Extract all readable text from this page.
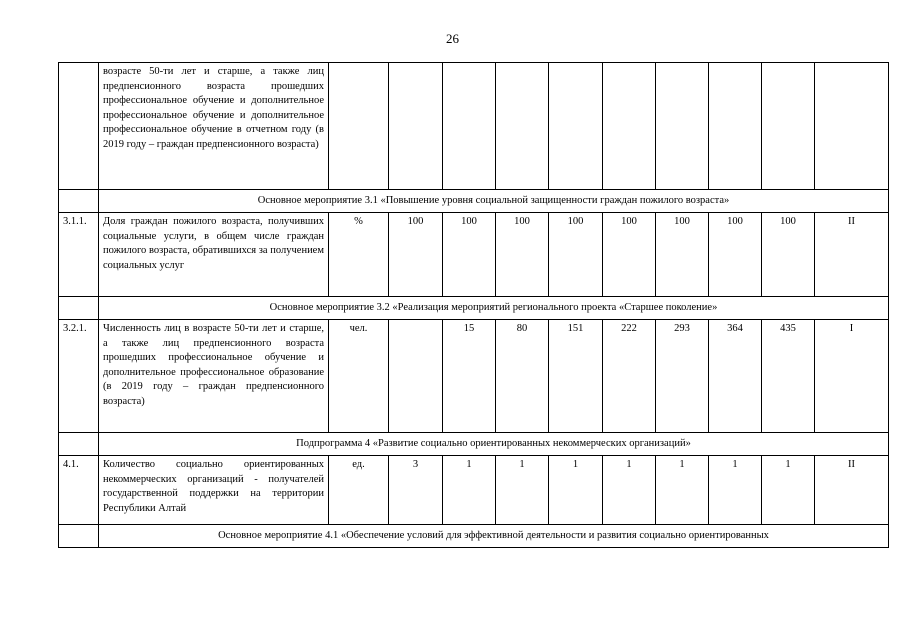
26
	возрасте 50-ти лет и старше, а также лиц предпенсионного возраста прошедших профессиональное обучение и дополнительное профессиональное обучение и дополнительное профессиональное обучение в отчетном году (в 2019 году – граждан предпенсионного возраста)										
	Основное мероприятие 3.1 «Повышение уровня социальной защищенности граждан пожилого возраста»										
3.1.1.	Доля граждан пожилого возраста, получивших социальные услуги, в общем числе граждан пожилого возраста, обратившихся за получением социальных услуг	%	100	100	100	100	100	100	100	100	II
	Основное мероприятие 3.2 «Реализация мероприятий регионального проекта «Старшее поколение»										
3.2.1.	Численность лиц в возрасте 50-ти лет и старше, а также лиц предпенсионного возраста прошедших профессиональное обучение и дополнительное профессиональное образование (в 2019 году – граждан предпенсионного возраста)	чел.		15	80	151	222	293	364	435	I
	Подпрограмма 4 «Развитие социально ориентированных некоммерческих организаций»										
4.1.	Количество социально ориентированных некоммерческих организаций - получателей государственной поддержки на территории Республики Алтай	ед.	3	1	1	1	1	1	1	1	II
	Основное мероприятие 4.1 «Обеспечение условий для эффективной деятельности и развития социально ориентированных										
